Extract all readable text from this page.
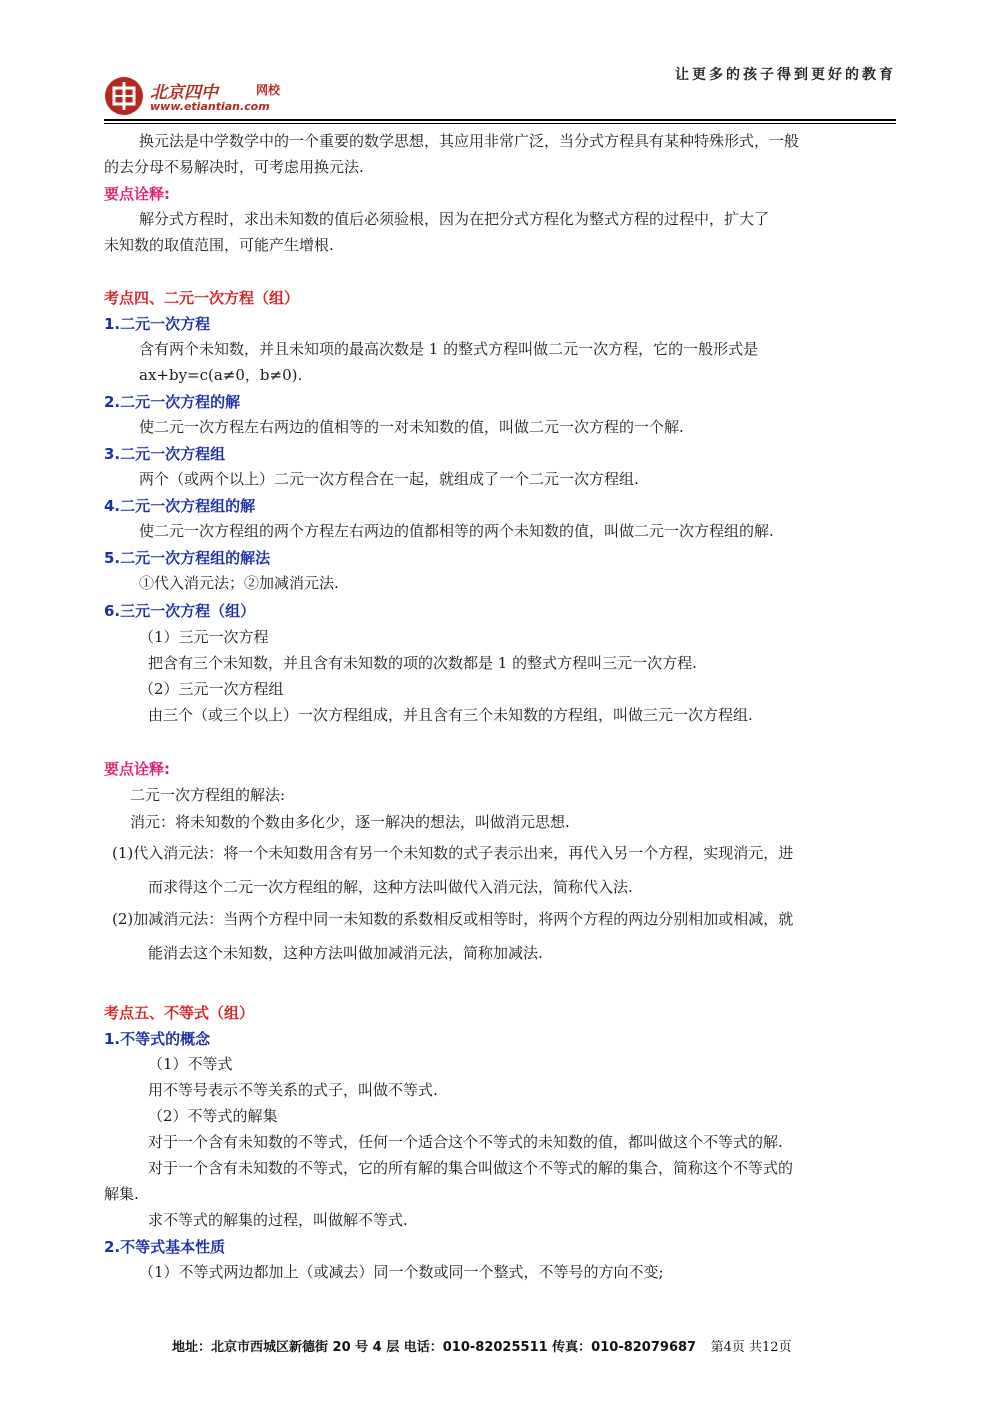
让更多的孩子得到更好的教育
北京四中	网校
www.etiantian.com
换元法是中学数学中的一个重要的数学思想，其应用非常广泛，当分式方程具有某种特殊形式，一般
的去分母不易解决时，可考虑用换元法.
要点诠释:
解分式方程时，求出未知数的值后必须验根，因为在把分式方程化为整式方程的过程中，扩大了
未知数的取值范围，可能产生增根.
考点四、二元一次方程（组）
1.二元一次方程
含有两个未知数，并且未知项的最高次数是 1 的整式方程叫做二元一次方程，它的一般形式是
ax+by=c(a≠0，b≠0).
2.二元一次方程的解
使二元一次方程左右两边的值相等的一对未知数的值，叫做二元一次方程的一个解.
3.二元一次方程组
两个（或两个以上）二元一次方程合在一起，就组成了一个二元一次方程组.
4.二元一次方程组的解
使二元一次方程组的两个方程左右两边的值都相等的两个未知数的值，叫做二元一次方程组的解.
5.二元一次方程组的解法
①代入消元法；②加减消元法.
6.三元一次方程（组）
（1）三元一次方程
把含有三个未知数，并且含有未知数的项的次数都是 1 的整式方程叫三元一次方程.
（2）三元一次方程组
由三个（或三个以上）一次方程组成，并且含有三个未知数的方程组，叫做三元一次方程组.
要点诠释:
二元一次方程组的解法:
消元：将未知数的个数由多化少，逐一解决的想法，叫做消元思想.
(1)代入消元法：将一个未知数用含有另一个未知数的式子表示出来，再代入另一个方程，实现消元，进
而求得这个二元一次方程组的解，这种方法叫做代入消元法，简称代入法.
(2)加减消元法：当两个方程中同一未知数的系数相反或相等时，将两个方程的两边分别相加或相减，就
能消去这个未知数，这种方法叫做加减消元法，简称加减法.
考点五、不等式（组）
1.不等式的概念
（1）不等式
用不等号表示不等关系的式子，叫做不等式.
（2）不等式的解集
对于一个含有未知数的不等式，任何一个适合这个不等式的未知数的值，都叫做这个不等式的解.
对于一个含有未知数的不等式，它的所有解的集合叫做这个不等式的解的集合，简称这个不等式的
解集.
求不等式的解集的过程，叫做解不等式.
2.不等式基本性质
（1）不等式两边都加上（或减去）同一个数或同一个整式，不等号的方向不变;
地址：北京市西城区新德街 20 号 4 层 电话：010-82025511 传真：010-82079687 第4页 共12页
